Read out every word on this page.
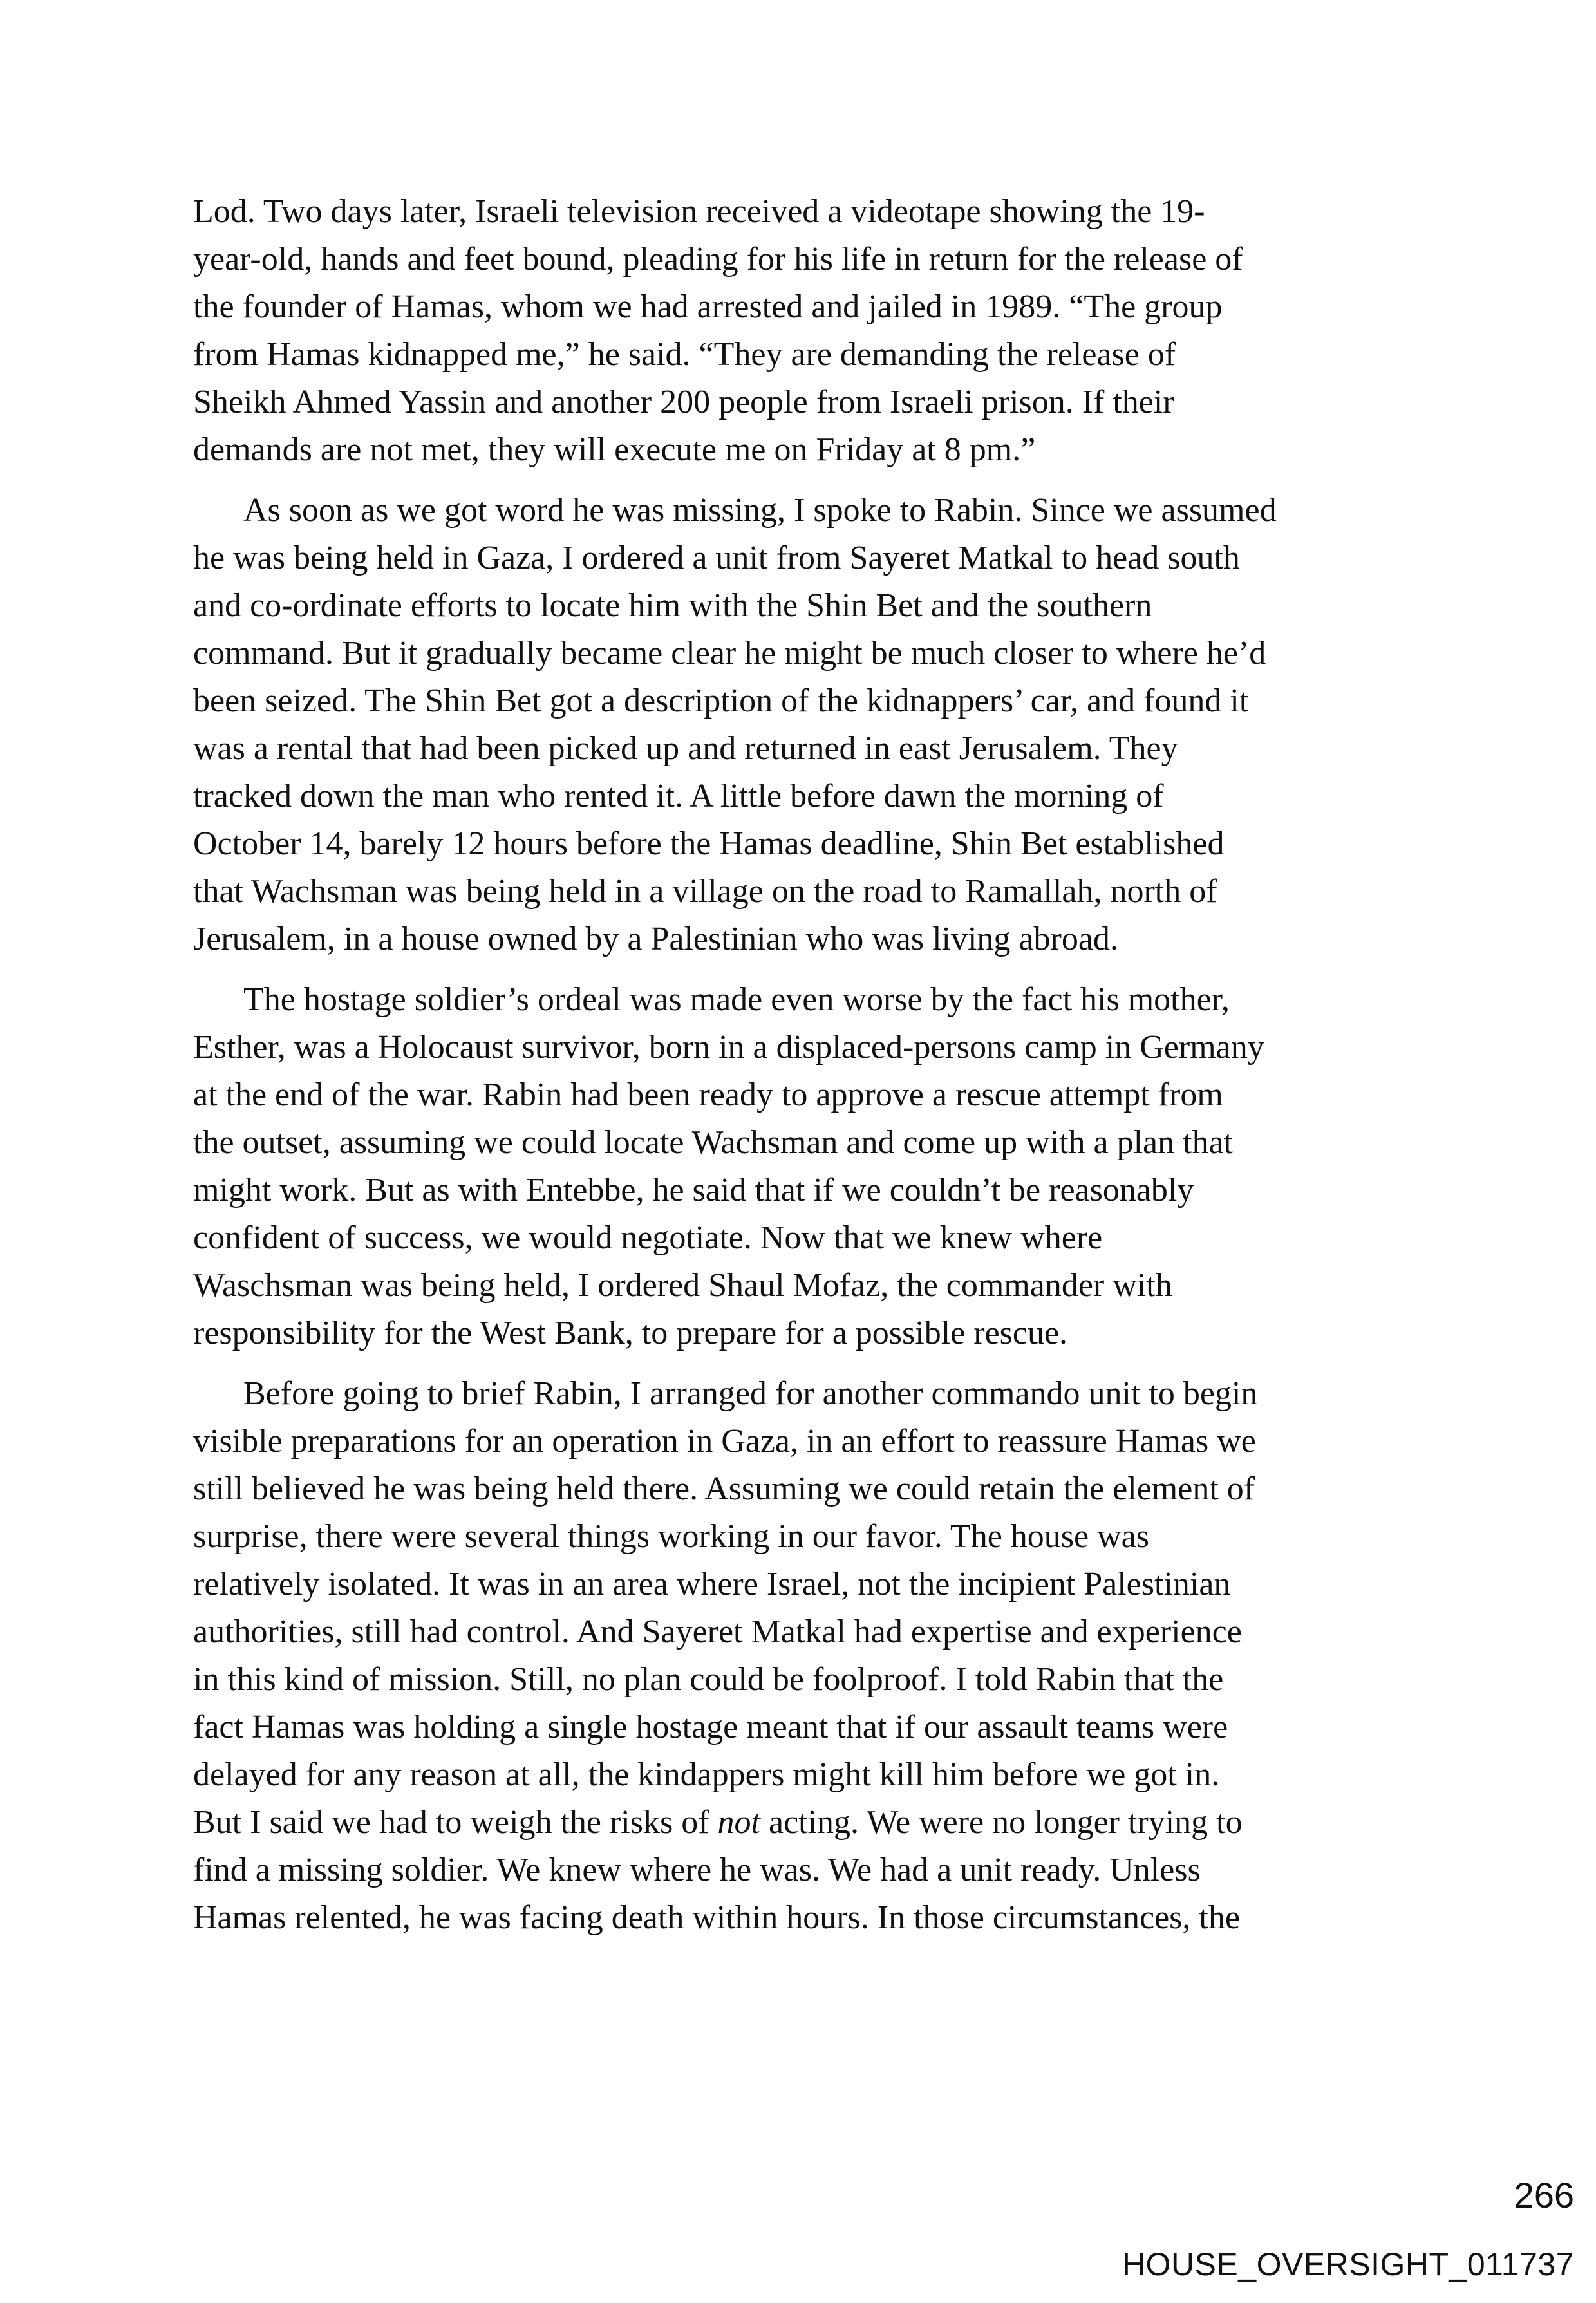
Lod. Two days later, Israeli television received a videotape showing the 19-
year-old, hands and feet bound, pleading for his life in return for the release of
the founder of Hamas, whom we had arrested and jailed in 1989. “The group
from Hamas kidnapped me,” he said. “They are demanding the release of
Sheikh Ahmed Yassin and another 200 people from Israeli prison. If their
demands are not met, they will execute me on Friday at 8 pm.”

As soon as we got word he was missing, I spoke to Rabin. Since we assumed
he was being held in Gaza, I ordered a unit from Sayeret Matkal to head south
and co-ordinate efforts to locate him with the Shin Bet and the southern
command. But it gradually became clear he might be much closer to where he’d
been seized. The Shin Bet got a description of the kidnappers’ car, and found it
was a rental that had been picked up and returned in east Jerusalem. They
tracked down the man who rented it. A little before dawn the morning of
October 14, barely 12 hours before the Hamas deadline, Shin Bet established
that Wachsman was being held in a village on the road to Ramallah, north of
Jerusalem, in a house owned by a Palestinian who was living abroad.

The hostage soldier’s ordeal was made even worse by the fact his mother,
Esther, was a Holocaust survivor, born in a displaced-persons camp in Germany
at the end of the war. Rabin had been ready to approve a rescue attempt from
the outset, assuming we could locate Wachsman and come up with a plan that
might work. But as with Entebbe, he said that if we couldn’t be reasonably
confident of success, we would negotiate. Now that we knew where
Waschsman was being held, I ordered Shaul Mofaz, the commander with
responsibility for the West Bank, to prepare for a possible rescue.

Before going to brief Rabin, I arranged for another commando unit to begin
visible preparations for an operation in Gaza, in an effort to reassure Hamas we
still believed he was being held there. Assuming we could retain the element of
surprise, there were several things working in our favor. The house was
relatively isolated. It was in an area where Israel, not the incipient Palestinian
authorities, still had control. And Sayeret Matkal had expertise and experience
in this kind of mission. Still, no plan could be foolproof. I told Rabin that the
fact Hamas was holding a single hostage meant that if our assault teams were
delayed for any reason at all, the kindappers might kill him before we got in.
But I said we had to weigh the risks of not acting. We were no longer trying to
find a missing soldier. We knew where he was. We had a unit ready. Unless
Hamas relented, he was facing death within hours. In those circumstances, the

266
HOUSE_OVERSIGHT_011737
